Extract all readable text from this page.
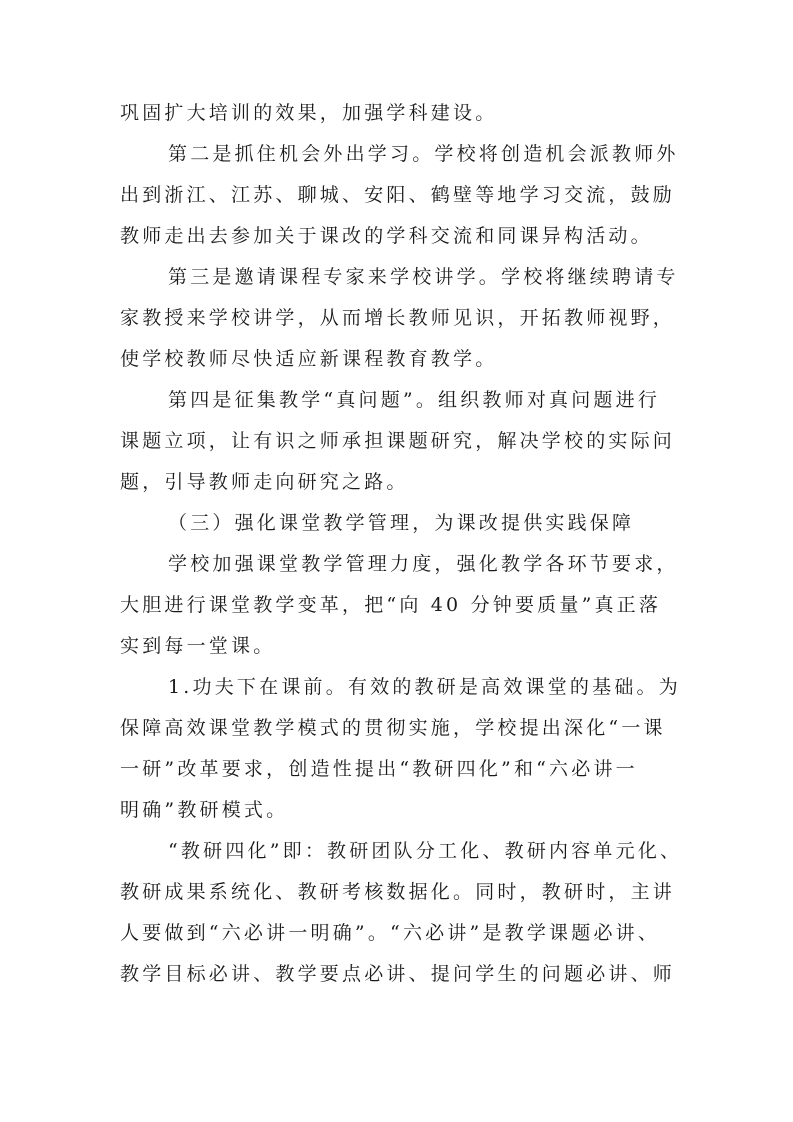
巩固扩大培训的效果，加强学科建设。
第二是抓住机会外出学习。学校将创造机会派教师外
出到浙江、江苏、聊城、安阳、鹤壁等地学习交流，鼓励
教师走出去参加关于课改的学科交流和同课异构活动。
第三是邀请课程专家来学校讲学。学校将继续聘请专
家教授来学校讲学，从而增长教师见识，开拓教师视野，
使学校教师尽快适应新课程教育教学。
第四是征集教学“真问题”。组织教师对真问题进行
课题立项，让有识之师承担课题研究，解决学校的实际问
题，引导教师走向研究之路。
（三）强化课堂教学管理，为课改提供实践保障
学校加强课堂教学管理力度，强化教学各环节要求，
大胆进行课堂教学变革，把“向 40 分钟要质量”真正落
实到每一堂课。
1.功夫下在课前。有效的教研是高效课堂的基础。为
保障高效课堂教学模式的贯彻实施，学校提出深化“一课
一研”改革要求，创造性提出“教研四化”和“六必讲一
明确”教研模式。
“教研四化”即：教研团队分工化、教研内容单元化、
教研成果系统化、教研考核数据化。同时，教研时，主讲
人要做到“六必讲一明确”。“六必讲”是教学课题必讲、
教学目标必讲、教学要点必讲、提问学生的问题必讲、师
